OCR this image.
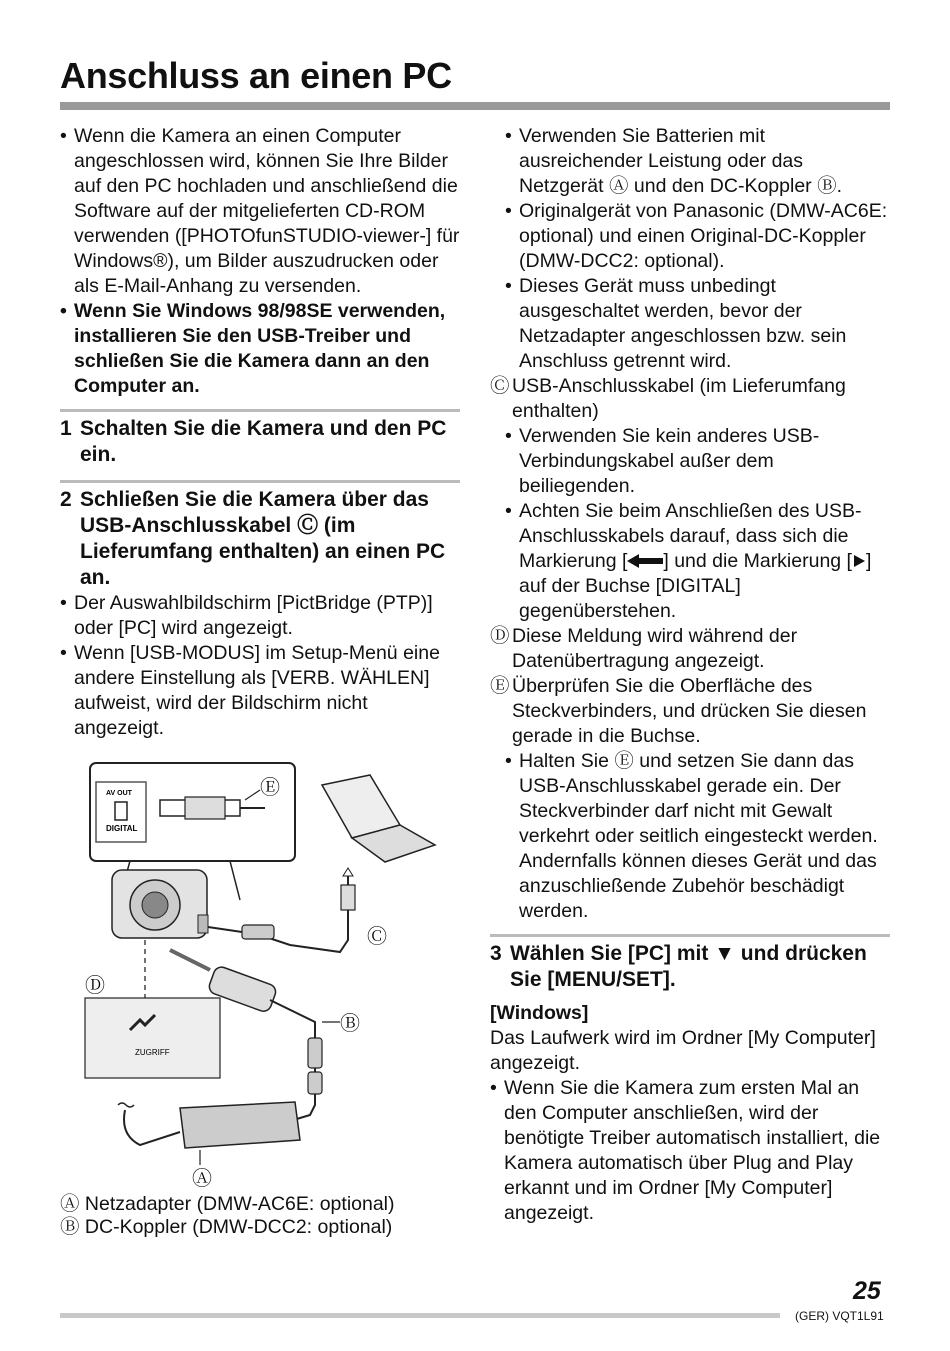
Anschluss an einen PC
• Wenn die Kamera an einen Computer angeschlossen wird, können Sie Ihre Bilder auf den PC hochladen und anschließend die Software auf der mitgelieferten CD-ROM verwenden ([PHOTOfunSTUDIO-viewer-] für Windows®), um Bilder auszudrucken oder als E-Mail-Anhang zu versenden.
• Wenn Sie Windows 98/98SE verwenden, installieren Sie den USB-Treiber und schließen Sie die Kamera dann an den Computer an.
1 Schalten Sie die Kamera und den PC ein.
2 Schließen Sie die Kamera über das USB-Anschlusskabel Ⓒ (im Lieferumfang enthalten) an einen PC an.
• Der Auswahlbildschirm [PictBridge (PTP)] oder [PC] wird angezeigt.
• Wenn [USB-MODUS] im Setup-Menü eine andere Einstellung als [VERB. WÄHLEN] aufweist, wird der Bildschirm nicht angezeigt.
AV OUT
DIGITAL
Ⓔ
Ⓒ
Ⓑ
ZUGRIFF
Ⓓ
Ⓐ
Ⓐ Netzadapter (DMW-AC6E: optional)
Ⓑ DC-Koppler (DMW-DCC2: optional)
• Verwenden Sie Batterien mit ausreichender Leistung oder das Netzgerät Ⓐ und den DC-Koppler Ⓑ.
• Originalgerät von Panasonic (DMW-AC6E: optional) und einen Original-DC-Koppler (DMW-DCC2: optional).
• Dieses Gerät muss unbedingt ausgeschaltet werden, bevor der Netzadapter angeschlossen bzw. sein Anschluss getrennt wird.
Ⓒ USB-Anschlusskabel (im Lieferumfang enthalten)
• Verwenden Sie kein anderes USB-Verbindungskabel außer dem beiliegenden.
• Achten Sie beim Anschließen des USB-Anschlusskabels darauf, dass sich die Markierung [ ] und die Markierung [ ] auf der Buchse [DIGITAL] gegenüberstehen.
Ⓓ Diese Meldung wird während der Datenübertragung angezeigt.
Ⓔ Überprüfen Sie die Oberfläche des Steckverbinders, und drücken Sie diesen gerade in die Buchse.
• Halten Sie Ⓔ und setzen Sie dann das USB-Anschlusskabel gerade ein. Der Steckverbinder darf nicht mit Gewalt verkehrt oder seitlich eingesteckt werden. Andernfalls können dieses Gerät und das anzuschließende Zubehör beschädigt werden.
3 Wählen Sie [PC] mit ▼ und drücken Sie [MENU/SET].
[Windows]
Das Laufwerk wird im Ordner [My Computer] angezeigt.
• Wenn Sie die Kamera zum ersten Mal an den Computer anschließen, wird der benötigte Treiber automatisch installiert, die Kamera automatisch über Plug and Play erkannt und im Ordner [My Computer] angezeigt.
25
(GER) VQT1L91
